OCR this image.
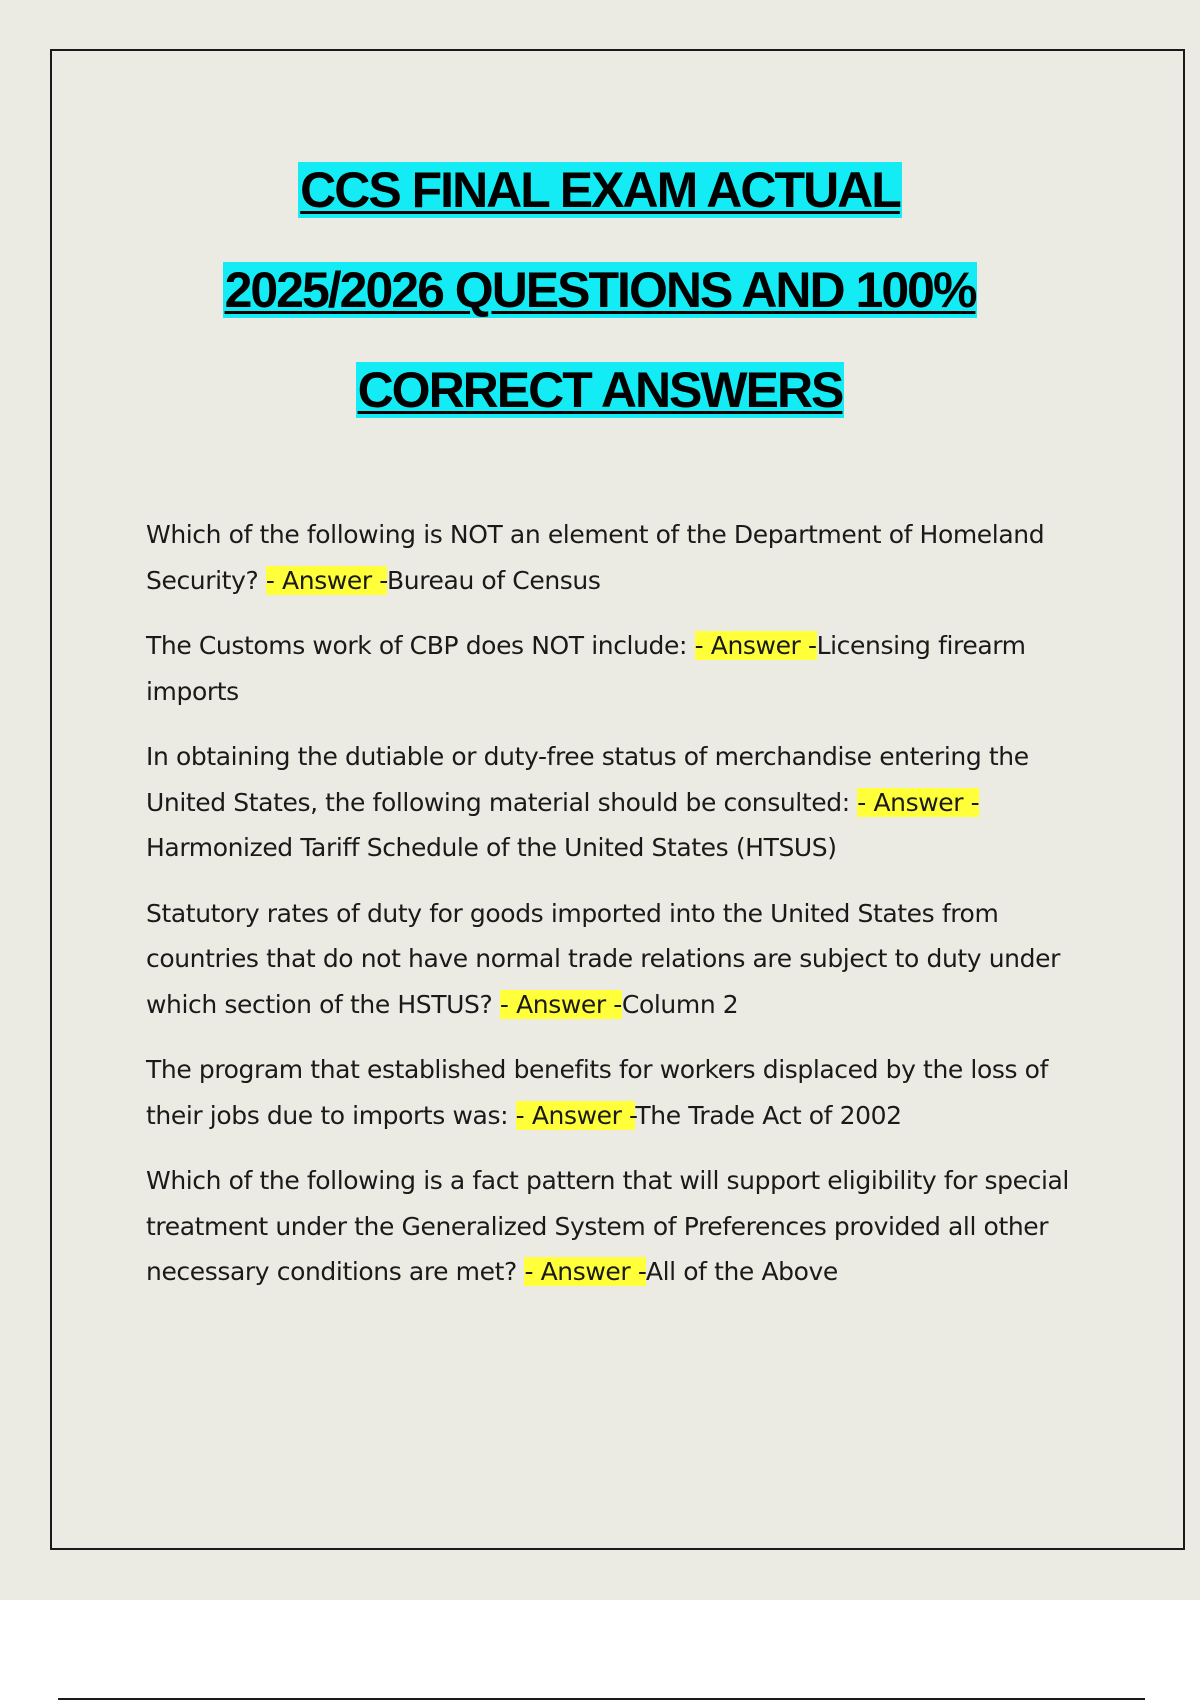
CCS FINAL EXAM ACTUAL
2025/2026 QUESTIONS AND 100%
CORRECT ANSWERS

Which of the following is NOT an element of the Department of Homeland Security? - Answer -Bureau of Census

The Customs work of CBP does NOT include: - Answer -Licensing firearm imports

In obtaining the dutiable or duty-free status of merchandise entering the United States, the following material should be consulted: - Answer -Harmonized Tariff Schedule of the United States (HTSUS)

Statutory rates of duty for goods imported into the United States from countries that do not have normal trade relations are subject to duty under which section of the HSTUS? - Answer -Column 2

The program that established benefits for workers displaced by the loss of their jobs due to imports was: - Answer -The Trade Act of 2002

Which of the following is a fact pattern that will support eligibility for special treatment under the Generalized System of Preferences provided all other necessary conditions are met? - Answer -All of the Above
